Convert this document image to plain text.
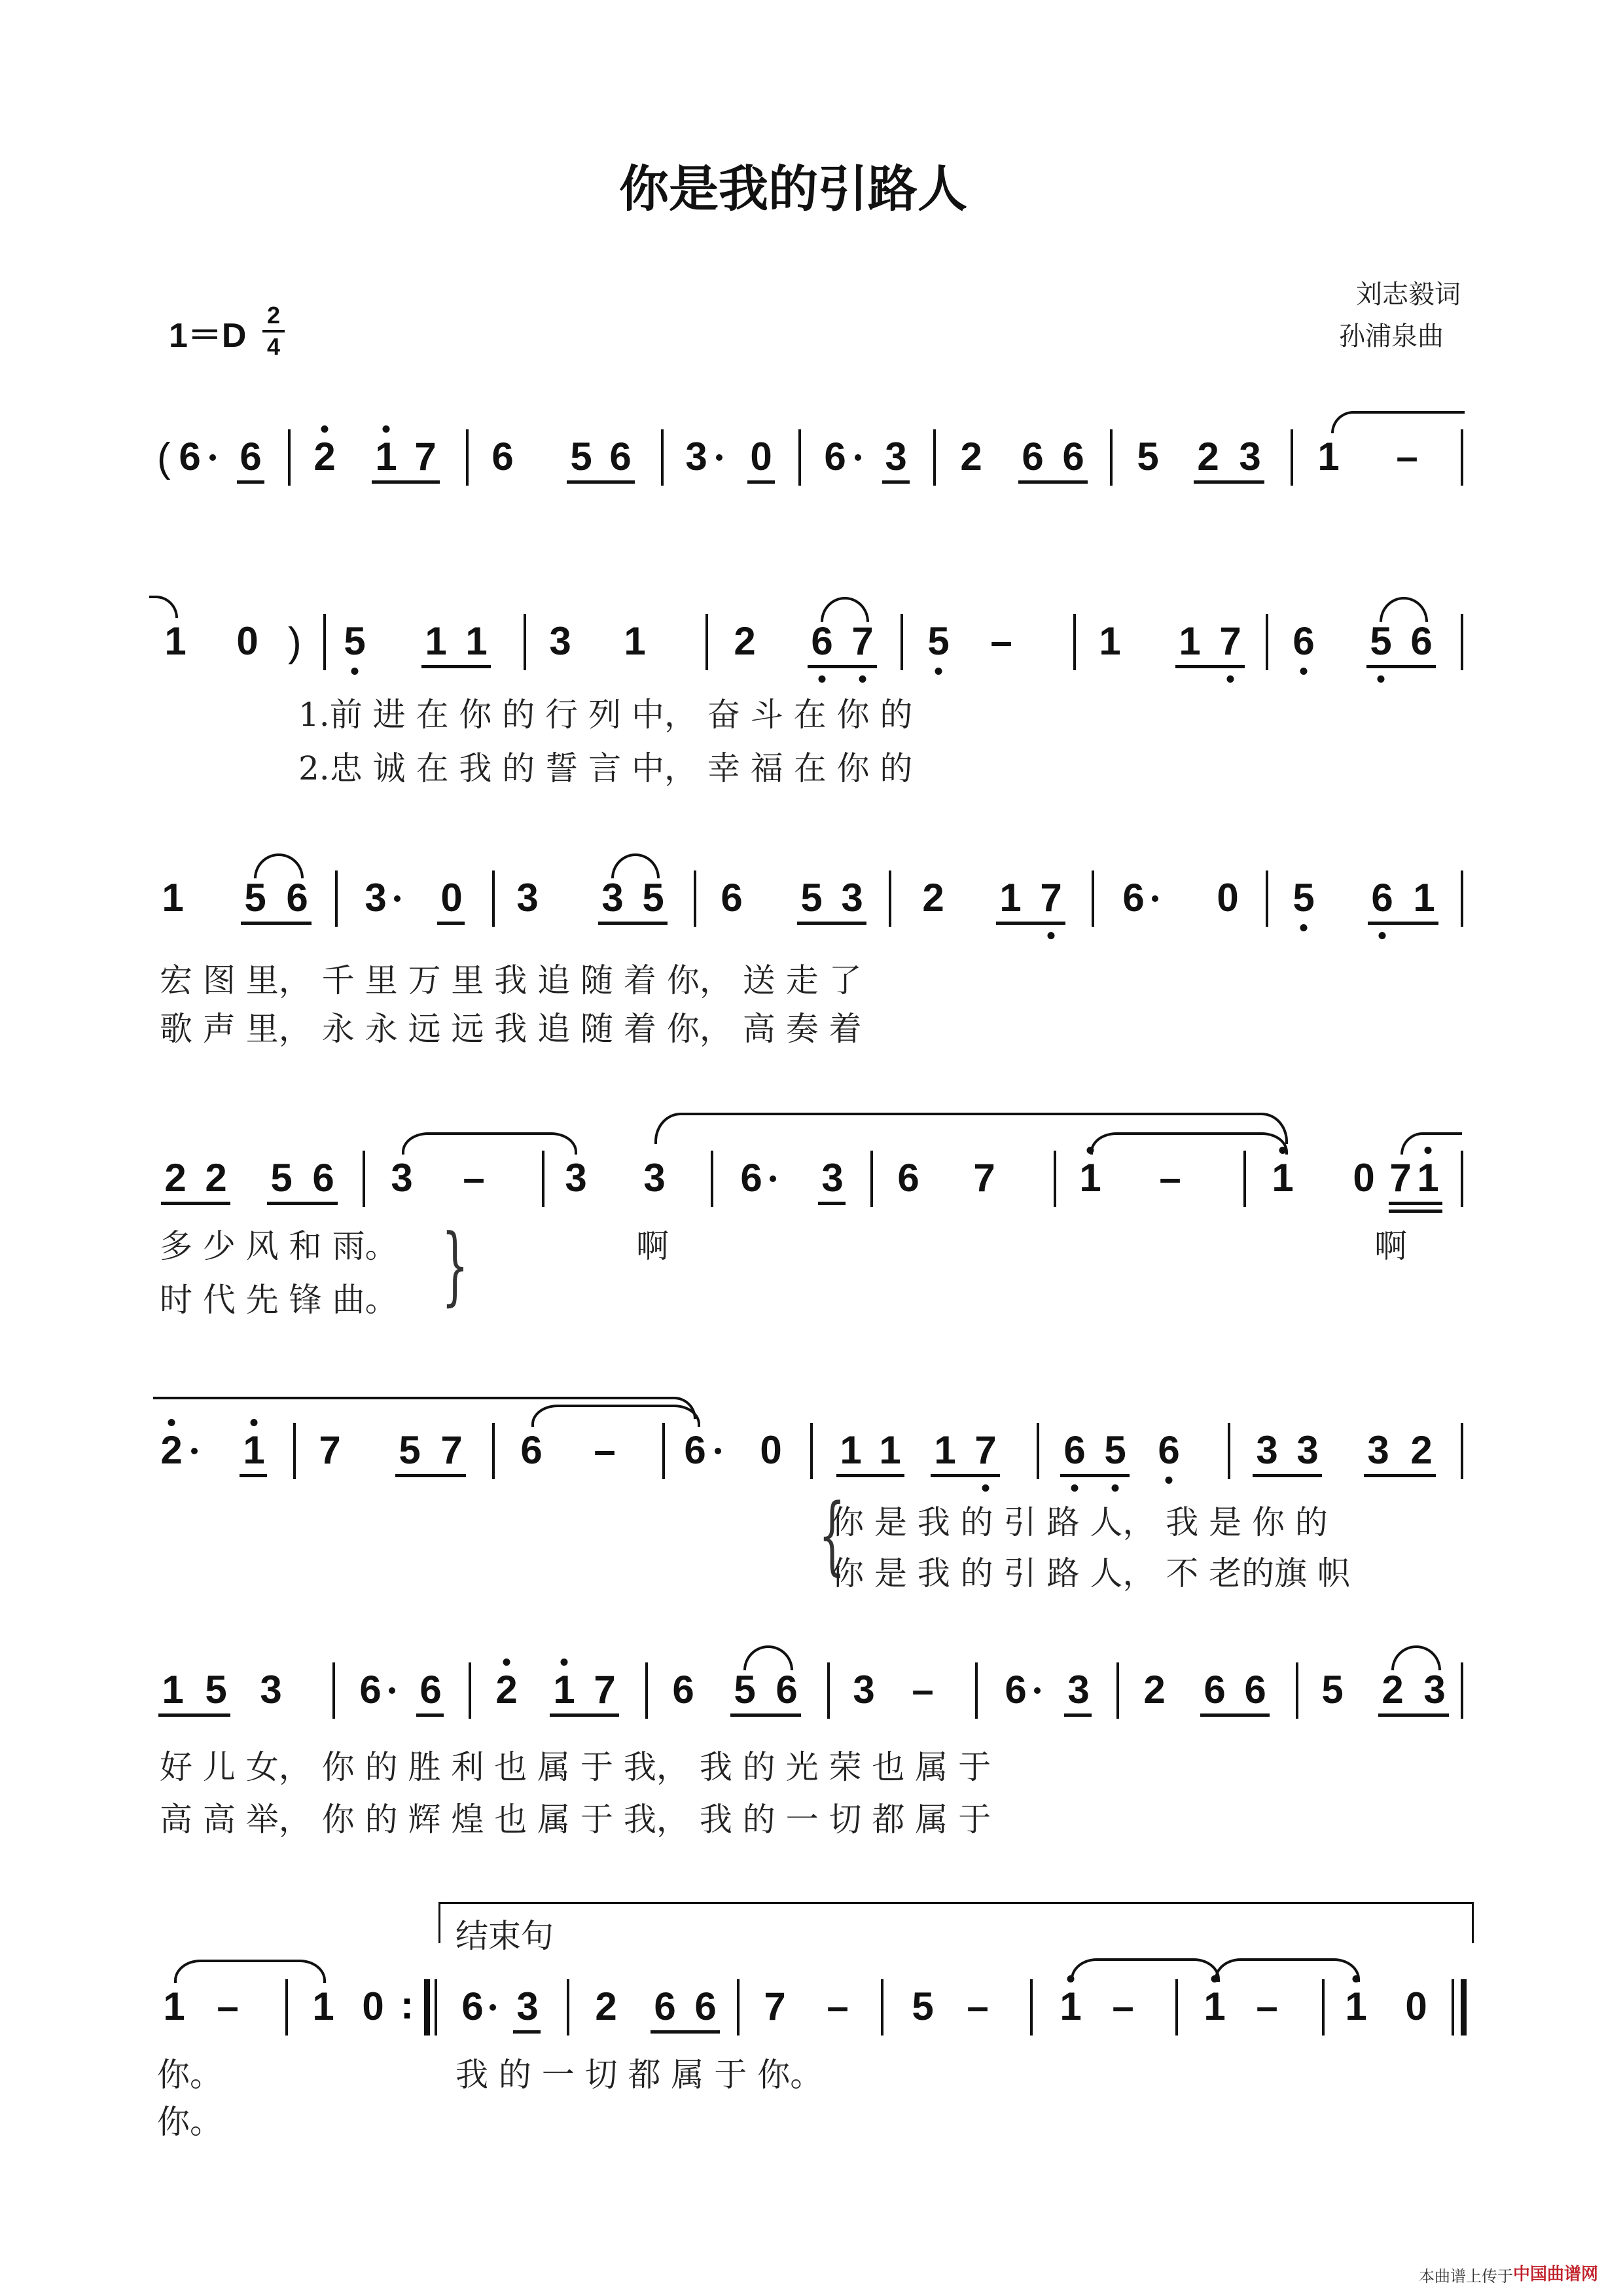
你是我的引路人
刘志毅词
孙浦泉曲
1＝D
2
4
( 6 6 2 1 7 6 5 6 3 0 6 3 2 6 6 5 2 3 1 –
1 0 ) 5 1 1 3 1 2 6 7 5 – 1 1 7 6 5 6
1.前 进 在 你 的 行 列 中， 奋 斗 在 你 的
2.忠 诚 在 我 的 誓 言 中， 幸 福 在 你 的
1 5 6 3 0 3 3 5 6 5 3 2 1 7 6 0 5 6 1
宏 图 里， 千 里 万 里 我 追 随 着 你， 送 走 了
歌 声 里， 永 永 远 远 我 追 随 着 你， 高 奏 着
2 2 5 6 3 – 3 3 6 3 6 7 1 – 1 0 7 1
多 少 风 和 雨。
时 代 先 锋 曲。 }	啊	啊
2 1 7 5 7 6 – 6 0 1 1 1 7 6 5 6 3 3 3 2
{
你 是 我 的 引 路 人， 我 是 你 的
你 是 我 的 引 路 人， 不 老的旗 帜
1 5 3 6 6 2 1 7 6 5 6 3 – 6 3 2 6 6 5 2 3
好 儿 女， 你 的 胜 利 也 属 于 我， 我 的 光 荣 也 属 于
高 高 举， 你 的 辉 煌 也 属 于 我， 我 的 一 切 都 属 于
结束句
1 – 1 0 : 6 3 2 6 6 7 – 5 – 1 – 1 – 1 0
你。	我 的 一 切 都 属 于 你。
你。
本曲谱上传于 中国曲谱网
